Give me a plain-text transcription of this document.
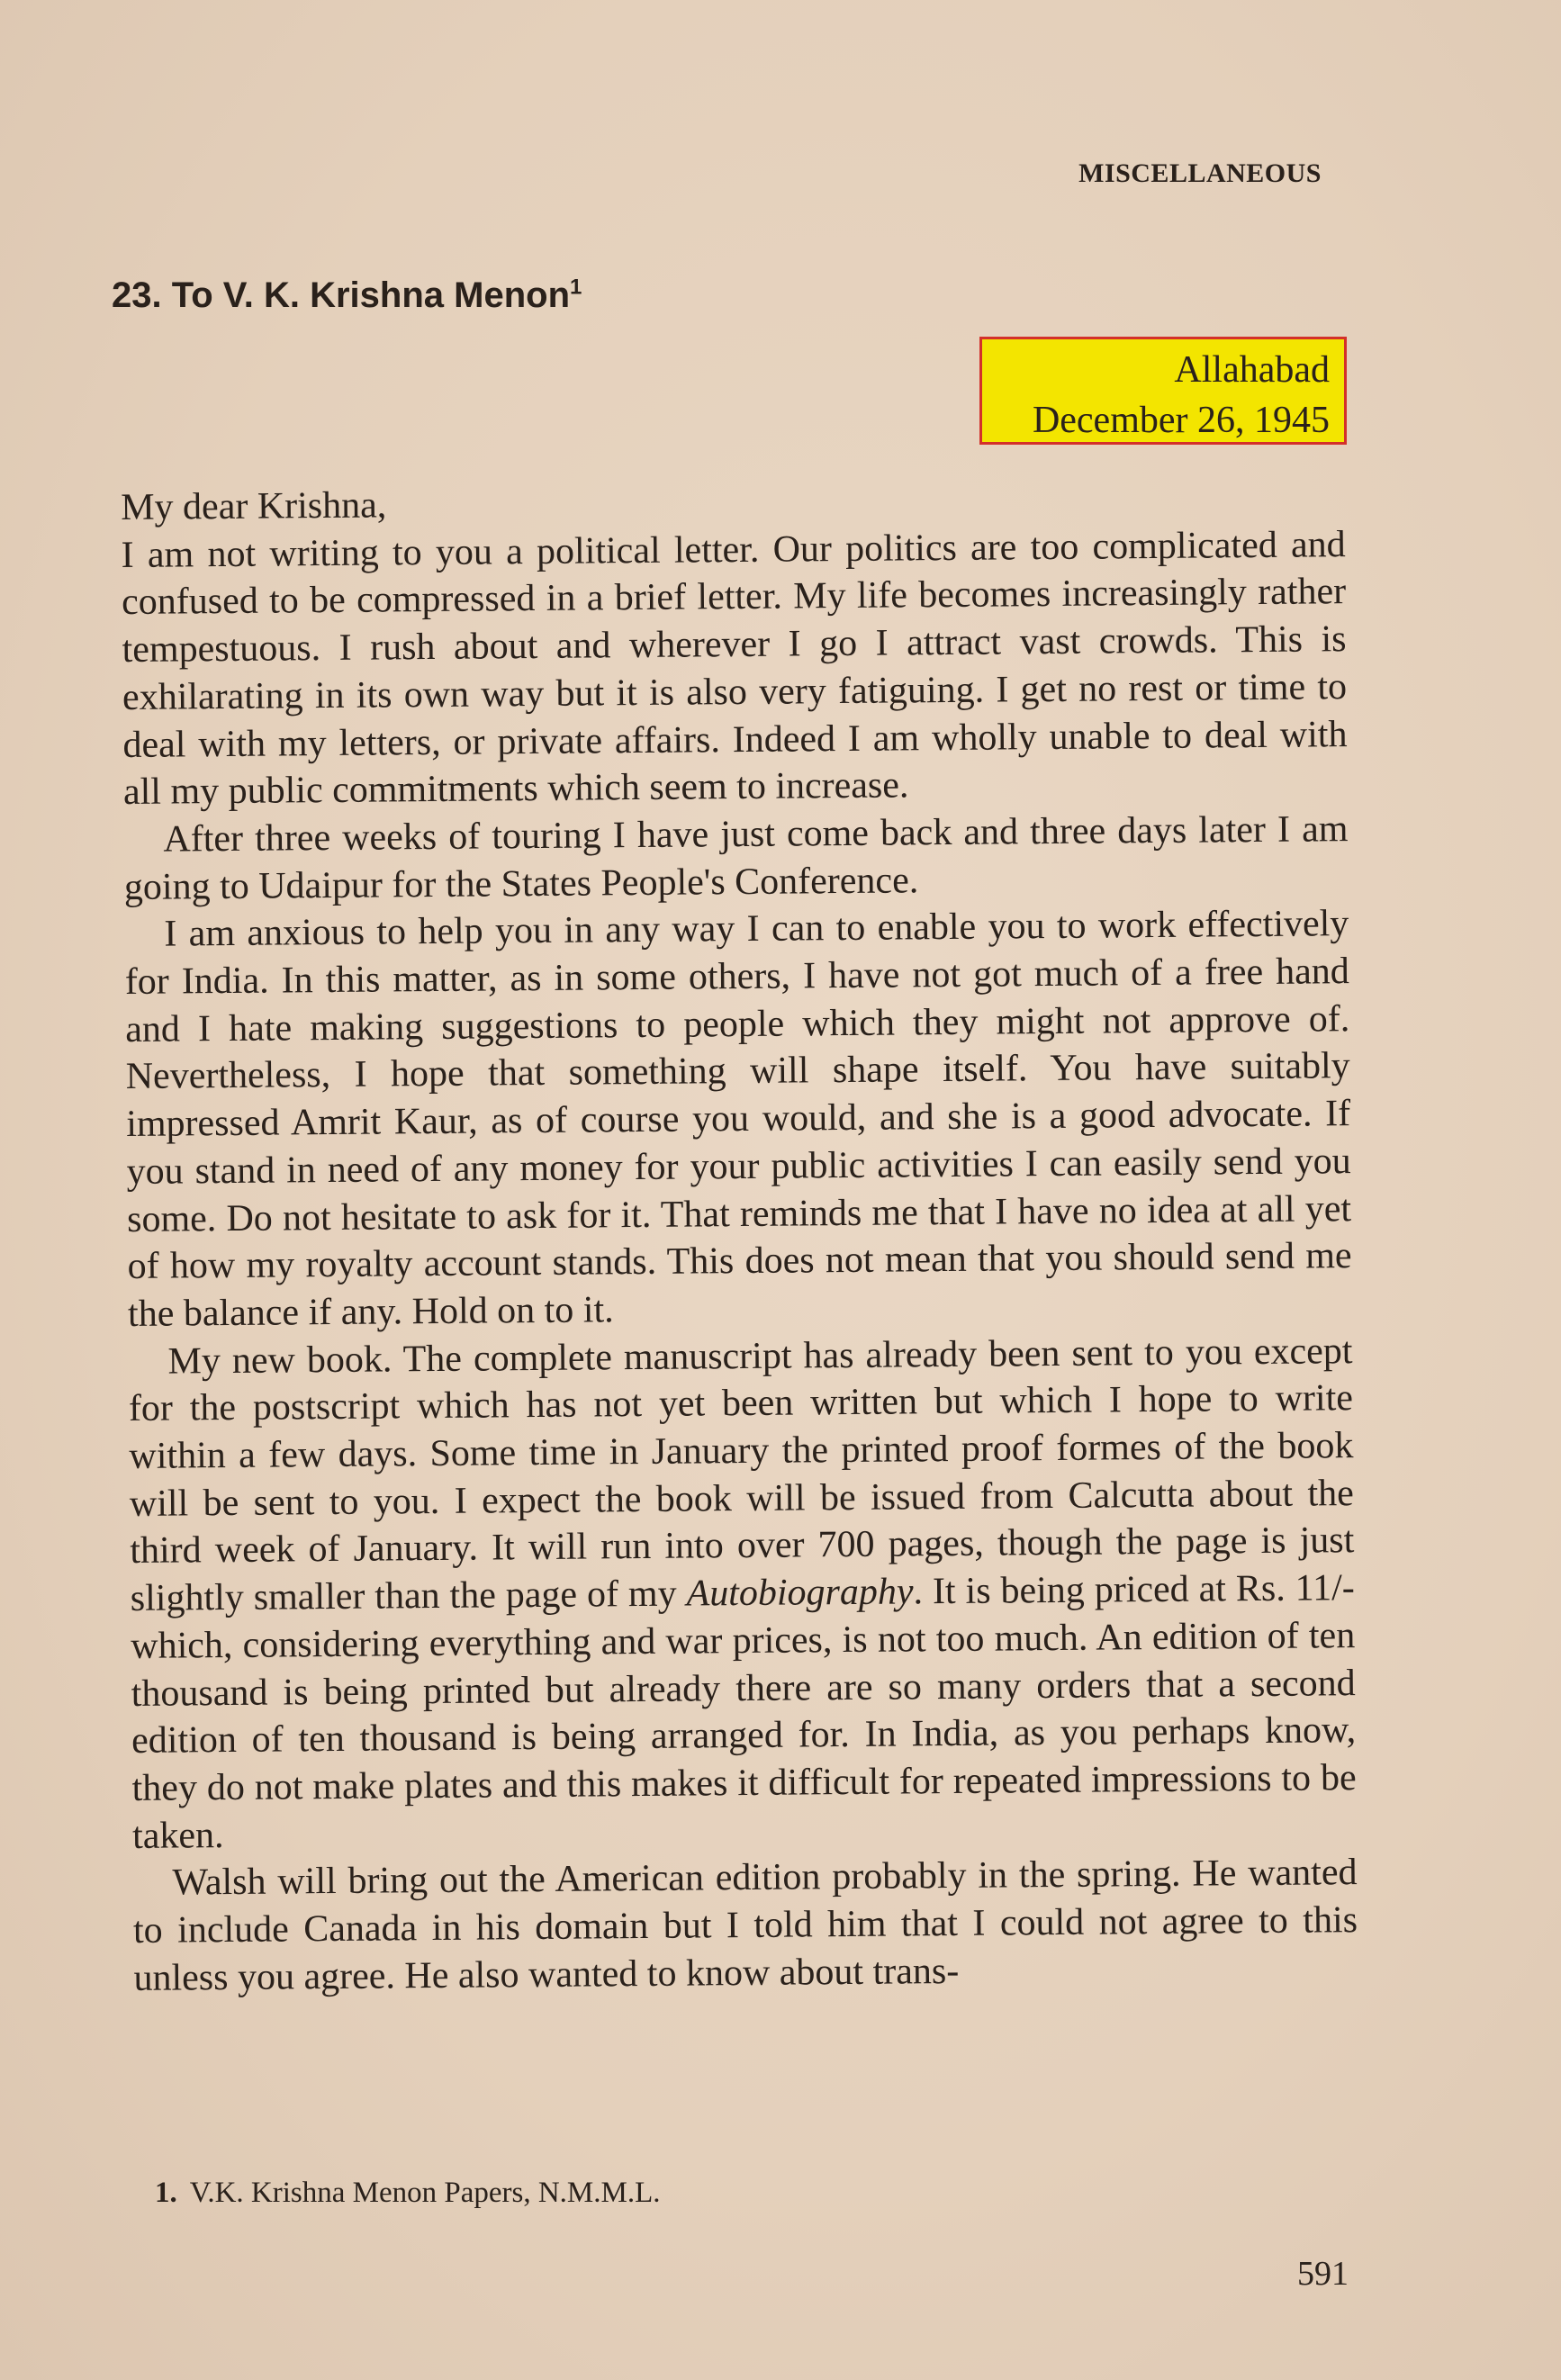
MISCELLANEOUS
23. To V. K. Krishna Menon$^1$
Allahabad
December 26, 1945

My dear Krishna,

I am not writing to you a political letter. Our politics are too complicated and confused to be compressed in a brief letter. My life becomes increasingly rather tempestuous. I rush about and wherever I go I attract vast crowds. This is exhilarating in its own way but it is also very fatiguing. I get no rest or time to deal with my letters, or private affairs. Indeed I am wholly unable to deal with all my public commitments which seem to increase.

After three weeks of touring I have just come back and three days later I am going to Udaipur for the States People's Conference.

I am anxious to help you in any way I can to enable you to work effectively for India. In this matter, as in some others, I have not got much of a free hand and I hate making suggestions to people which they might not approve of. Nevertheless, I hope that something will shape itself. You have suitably impressed Amrit Kaur, as of course you would, and she is a good advocate. If you stand in need of any money for your public activities I can easily send you some. Do not hesitate to ask for it. That reminds me that I have no idea at all yet of how my royalty account stands. This does not mean that you should send me the balance if any. Hold on to it.

My new book. The complete manuscript has already been sent to you except for the postscript which has not yet been written but which I hope to write within a few days. Some time in January the printed proof formes of the book will be sent to you. I expect the book will be issued from Calcutta about the third week of January. It will run into over 700 pages, though the page is just slightly smaller than the page of my Autobiography. It is being priced at Rs. 11/- which, considering everything and war prices, is not too much. An edition of ten thousand is being printed but already there are so many orders that a second edition of ten thousand is being arranged for. In India, as you perhaps know, they do not make plates and this makes it difficult for repeated impressions to be taken.

Walsh will bring out the American edition probably in the spring. He wanted to include Canada in his domain but I told him that I could not agree to this unless you agree. He also wanted to know about trans-

1. V.K. Krishna Menon Papers, N.M.M.L.
591
